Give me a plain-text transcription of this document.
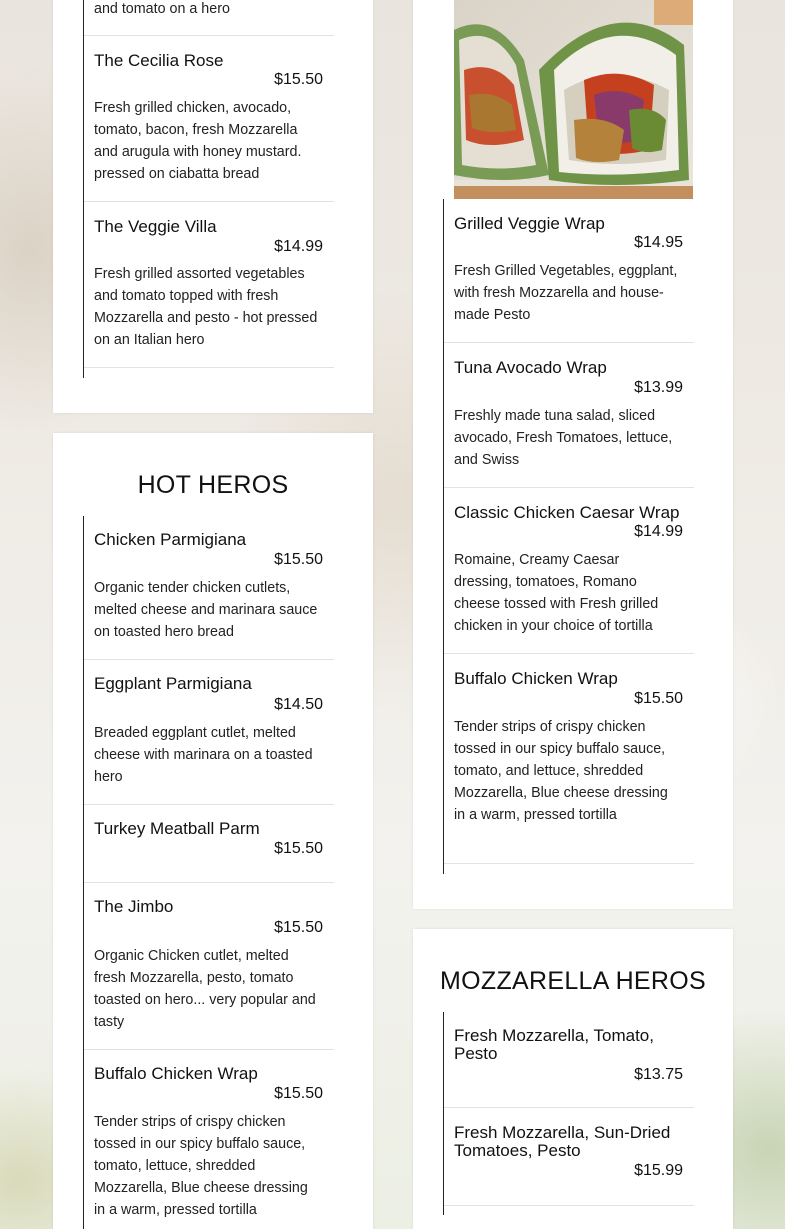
and tomato on a hero
The Cecilia Rose
$15.50
Fresh grilled chicken, avocado, tomato, bacon, fresh Mozzarella and arugula with honey mustard. pressed on ciabatta bread
The Veggie Villa
$14.99
Fresh grilled assorted vegetables and tomato topped with fresh Mozzarella and pesto - hot pressed on an Italian hero
HOT HEROS
Chicken Parmigiana
$15.50
Organic tender chicken cutlets, melted cheese and marinara sauce on toasted hero bread
Eggplant Parmigiana
$14.50
Breaded eggplant cutlet, melted cheese with marinara on a toasted hero
Turkey Meatball Parm
$15.50
The Jimbo
$15.50
Organic Chicken cutlet, melted fresh Mozzarella, pesto, tomato toasted on hero... very popular and tasty
Buffalo Chicken Wrap
$15.50
Tender strips of crispy chicken tossed in our spicy buffalo sauce, tomato, lettuce, shredded Mozzarella, Blue cheese dressing in a warm, pressed tortilla
Grilled Veggie Wrap
$14.95
Fresh Grilled Vegetables, eggplant, with fresh Mozzarella and house-made Pesto
Tuna Avocado Wrap
$13.99
Freshly made tuna salad, sliced avocado, Fresh Tomatoes, lettuce, and Swiss
Classic Chicken Caesar Wrap
$14.99
Romaine, Creamy Caesar dressing, tomatoes, Romano cheese tossed with Fresh grilled chicken in your choice of tortilla
Buffalo Chicken Wrap
$15.50
Tender strips of crispy chicken tossed in our spicy buffalo sauce, tomato, and lettuce, shredded Mozzarella, Blue cheese dressing in a warm, pressed tortilla
MOZZARELLA HEROS
Fresh Mozzarella, Tomato, Pesto
$13.75
Fresh Mozzarella, Sun-Dried Tomatoes, Pesto
$15.99
